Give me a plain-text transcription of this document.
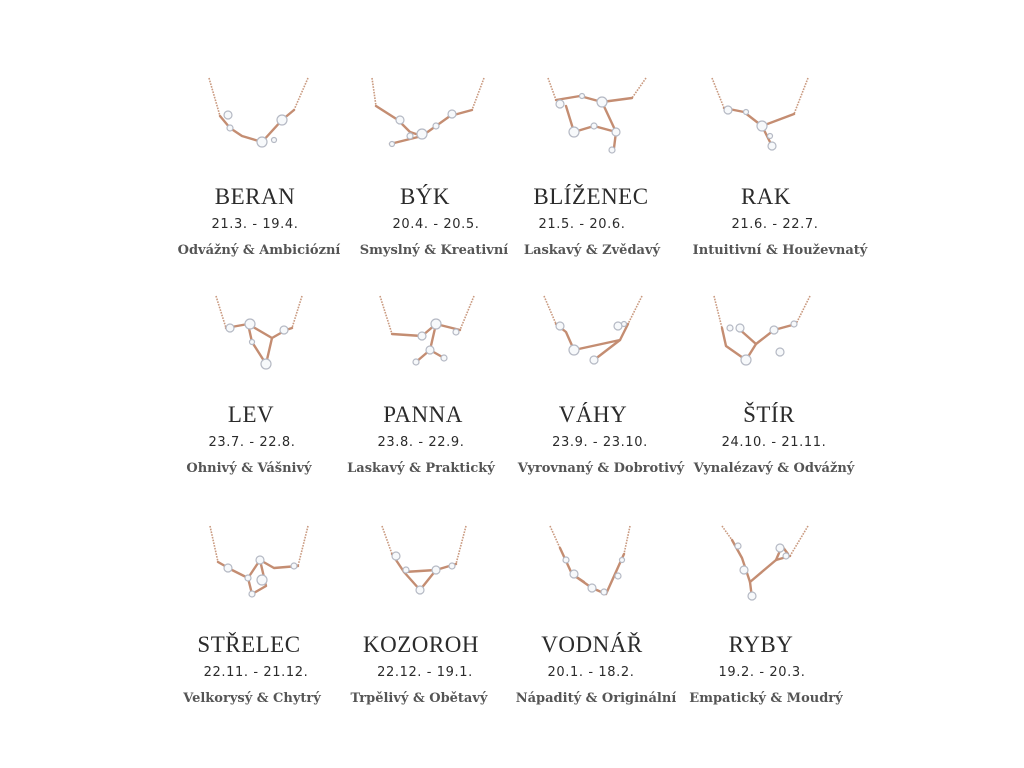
BERAN
21.3. - 19.4.
Odvážný & Ambiciózní
BÝK
20.4. - 20.5.
Smyslný & Kreativní
BLÍŽENEC
21.5. - 20.6.
Laskavý & Zvědavý
RAK
21.6. - 22.7.
Intuitivní & Houževnatý
LEV
23.7. - 22.8.
Ohnivý & Vášnivý
PANNA
23.8. - 22.9.
Laskavý & Praktický
VÁHY
23.9. - 23.10.
Vyrovnaný & Dobrotivý
ŠTÍR
24.10. - 21.11.
Vynalézavý & Odvážný
STŘELEC
22.11. - 21.12.
Velkorysý & Chytrý
KOZOROH
22.12. - 19.1.
Trpělivý & Obětavý
VODNÁŘ
20.1. - 18.2.
Nápaditý & Originální
RYBY
19.2. - 20.3.
Empatický & Moudrý
